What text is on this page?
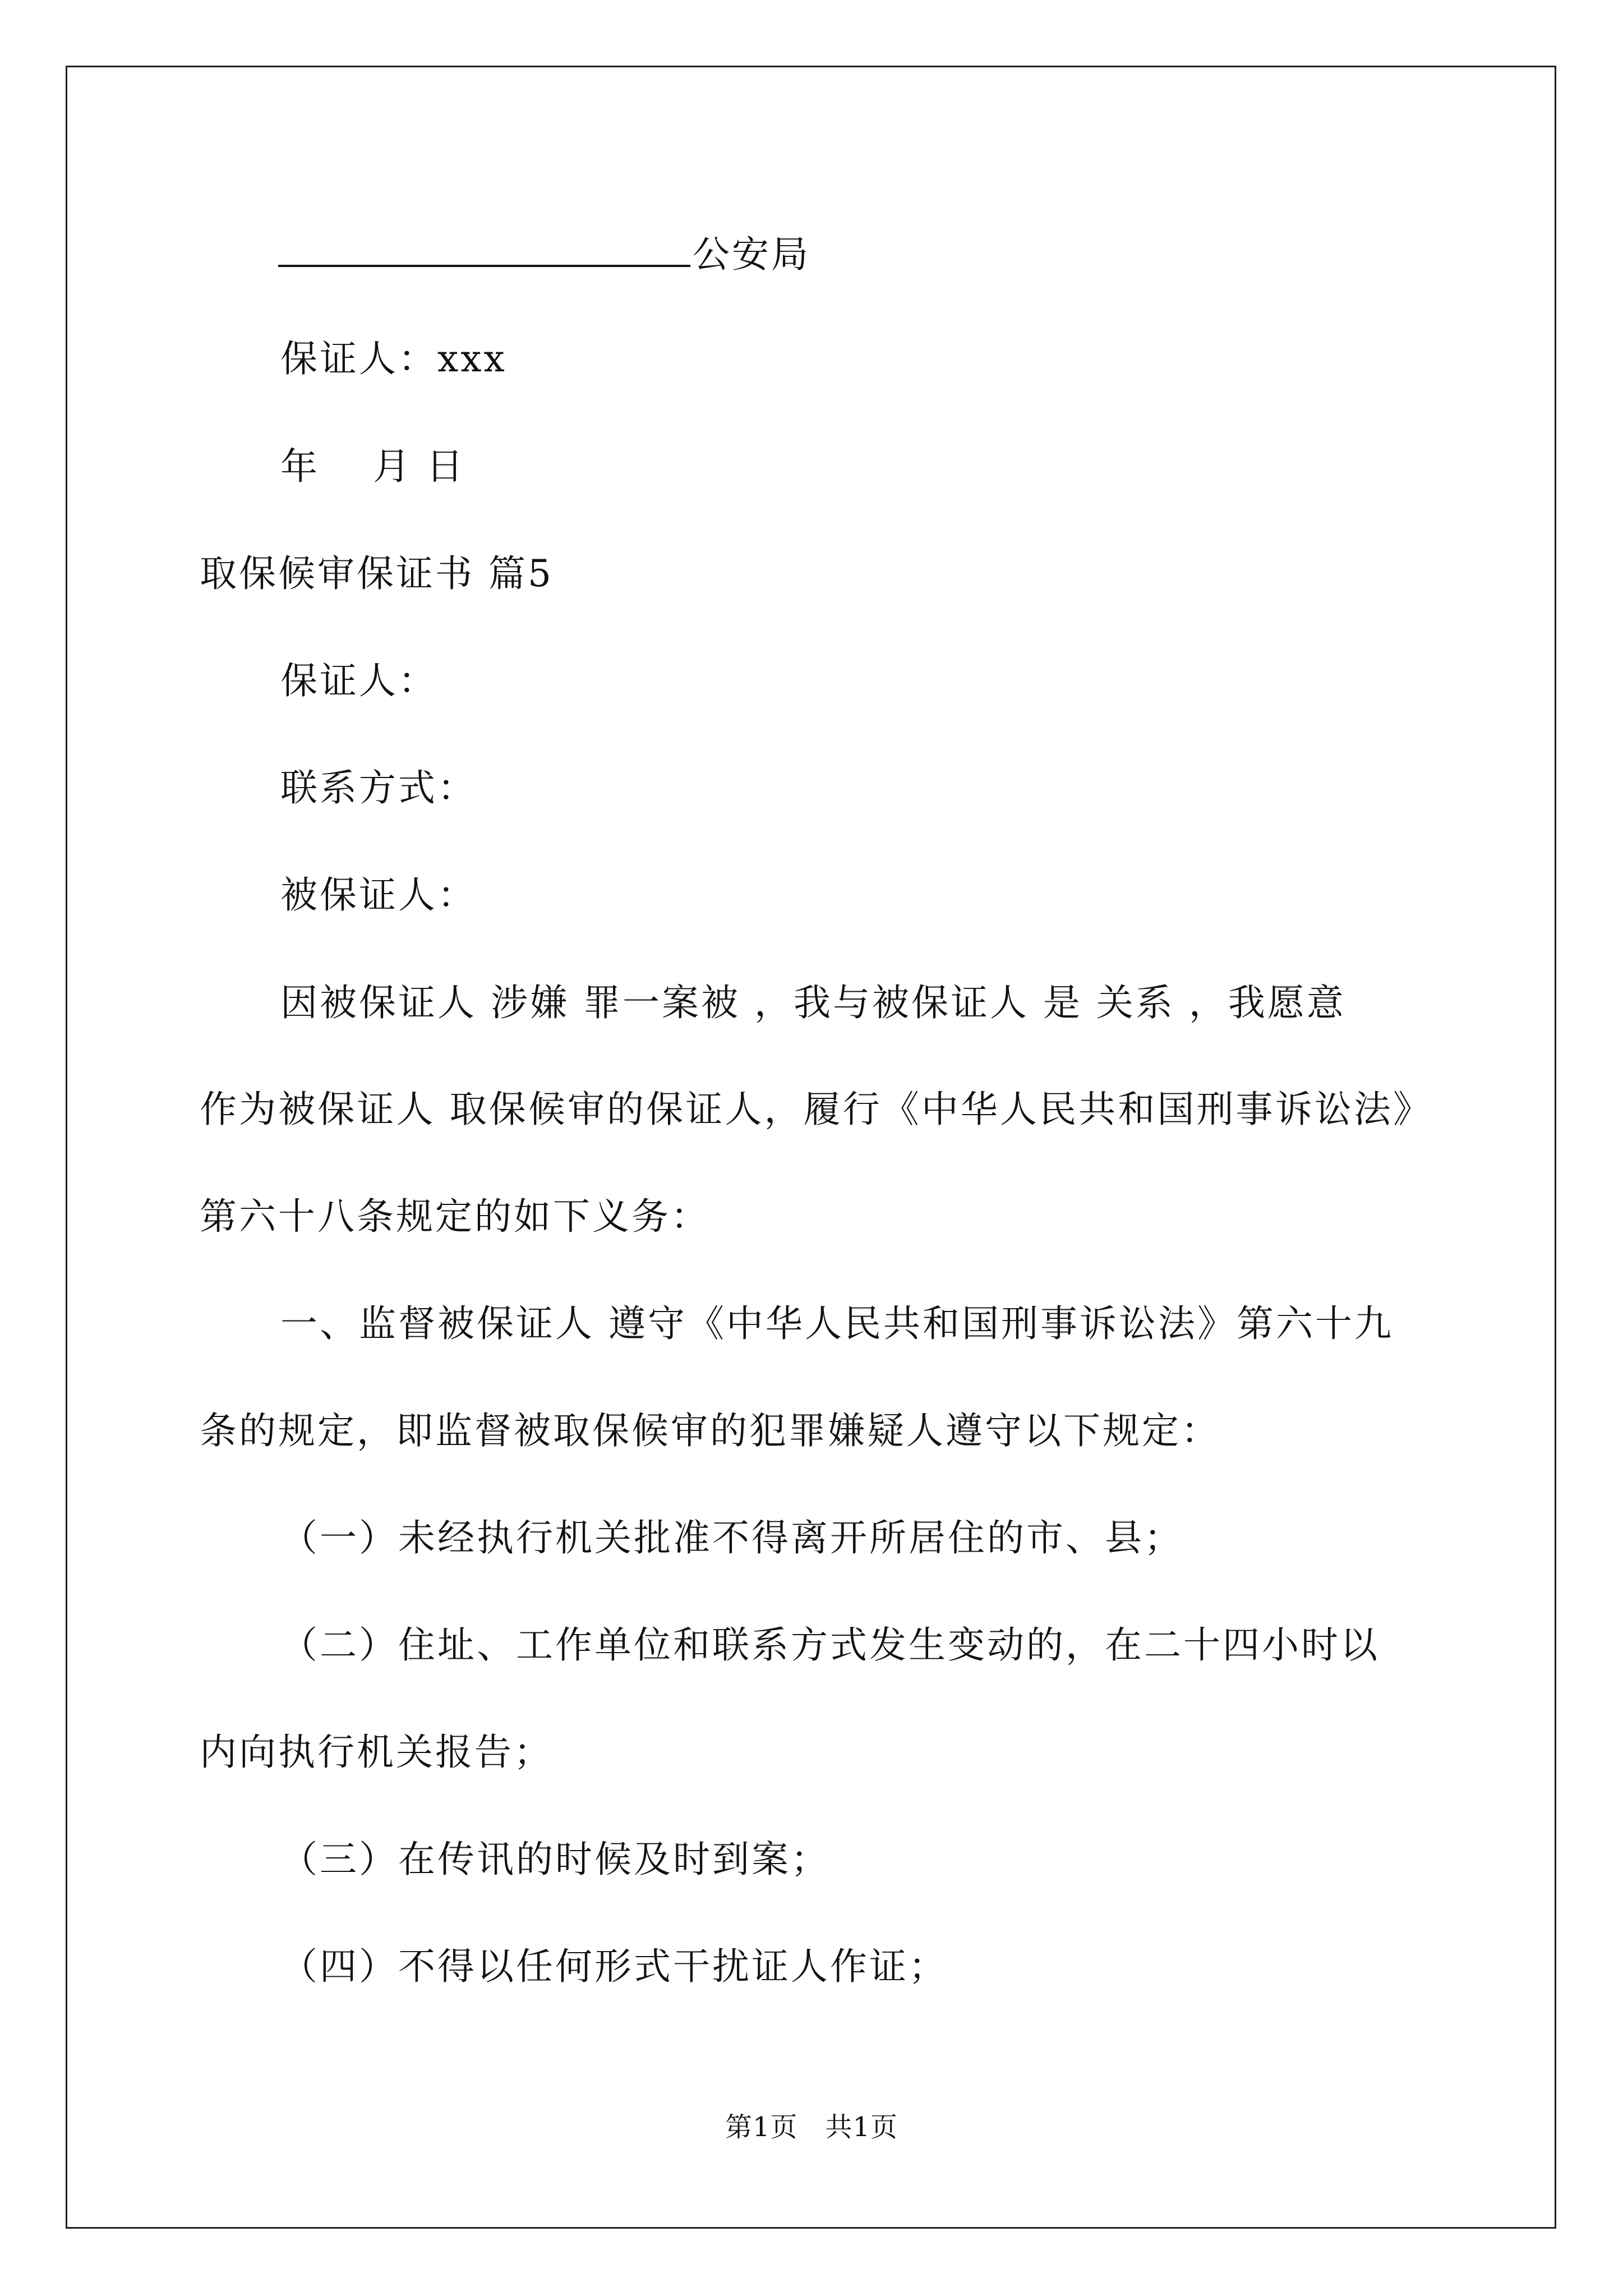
公安局
保证人：xxx
年　 月 日
取保候审保证书 篇5
保证人：
联系方式：
被保证人：
因被保证人 涉嫌 罪一案被 ，我与被保证人 是 关系 ，我愿意
作为被保证人 取保候审的保证人，履行《中华人民共和国刑事诉讼法》
第六十八条规定的如下义务：
一、监督被保证人 遵守《中华人民共和国刑事诉讼法》第六十九
条的规定，即监督被取保候审的犯罪嫌疑人遵守以下规定：
（一）未经执行机关批准不得离开所居住的市、县；
（二）住址、工作单位和联系方式发生变动的，在二十四小时以
内向执行机关报告；
（三）在传讯的时候及时到案；
（四）不得以任何形式干扰证人作证；
第1页　共1页
